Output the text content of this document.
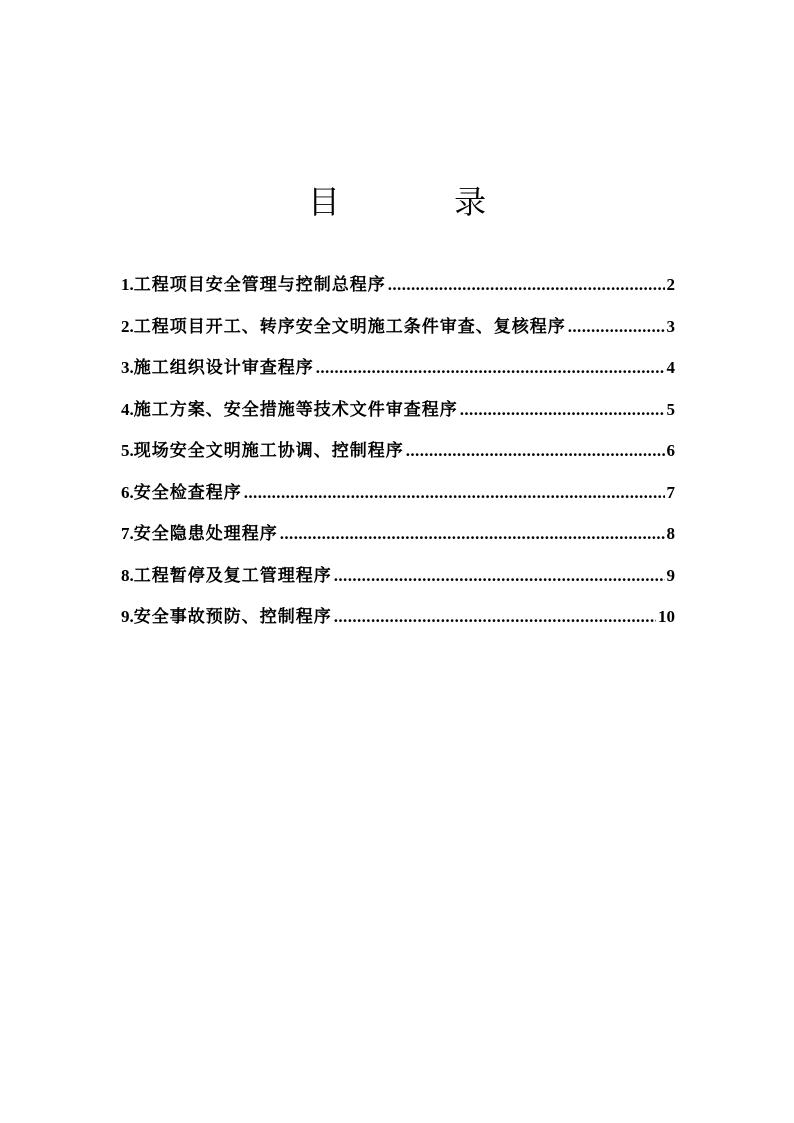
目 录
1. 工程项目安全管理与控制总程序 .....	2
2. 工程项目开工、转序安全文明施工条件审查、复核程序 .....	3
3. 施工组织设计审查程序 .....	4
4. 施工方案、安全措施等技术文件审查程序 .....	5
5. 现场安全文明施工协调、控制程序 .....	6
6. 安全检查程序 .....	7
7. 安全隐患处理程序 .....	8
8. 工程暂停及复工管理程序 .....	9
9. 安全事故预防、控制程序 .....	10
